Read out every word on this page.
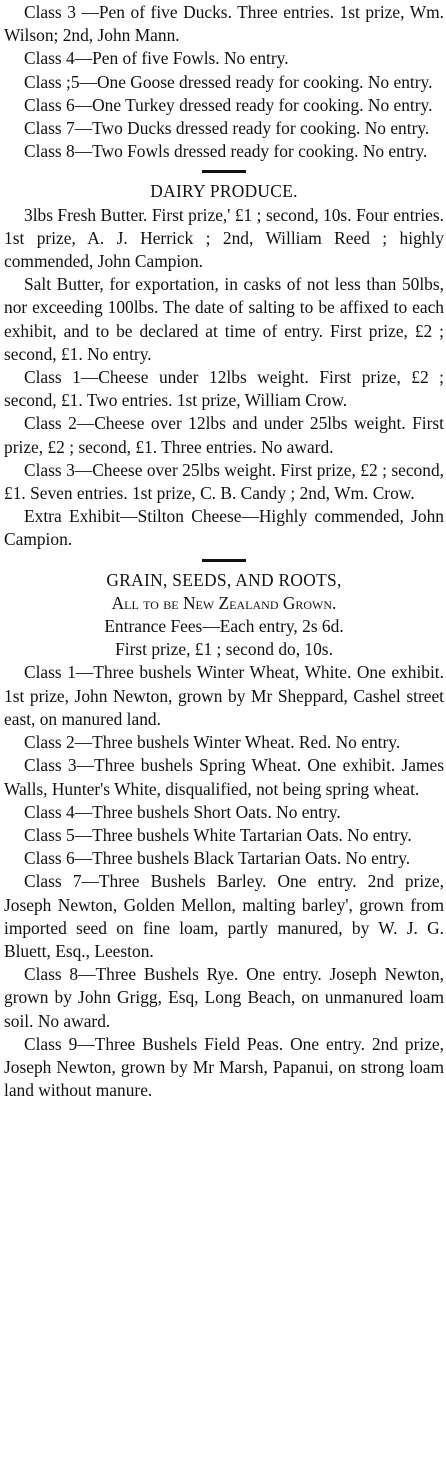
Class 3 —Pen of five Ducks. Three entries. 1st prize, Wm. Wilson; 2nd, John Mann.

Class 4—Pen of five Fowls. No entry.

Class ;5—One Goose dressed ready for cooking. No entry.

Class 6—One Turkey dressed ready for cooking. No entry.

Class 7—Two Ducks dressed ready for cooking. No entry.

Class 8—Two Fowls dressed ready for cooking. No entry.

DAIRY PRODUCE.

3lbs Fresh Butter. First prize,' £1 ; second, 10s. Four entries. 1st prize, A. J. Herrick ; 2nd, William Reed ; highly commended, John Campion.

Salt Butter, for exportation, in casks of not less than 50lbs, nor exceeding 100lbs. The date of salting to be affixed to each exhibit, and to be declared at time of entry. First prize, £2 ; second, £1. No entry.

Class 1—Cheese under 12lbs weight. First prize, £2 ; second, £1. Two entries. 1st prize, William Crow.

Class 2—Cheese over 12lbs and under 25lbs weight. First prize, £2 ; second, £1. Three entries. No award.

Class 3—Cheese over 25lbs weight. First prize, £2 ; second, £1. Seven entries. 1st prize, C. B. Candy ; 2nd, Wm. Crow.

Extra Exhibit—Stilton Cheese—Highly commended, John Campion.

GRAIN, SEEDS, AND ROOTS,

All to be New Zealand Grown.

Entrance Fees—Each entry, 2s 6d.

First prize, £1 ; second do, 10s.

Class 1—Three bushels Winter Wheat, White. One exhibit. 1st prize, John Newton, grown by Mr Sheppard, Cashel street east, on manured land.

Class 2—Three bushels Winter Wheat. Red. No entry.

Class 3—Three bushels Spring Wheat. One exhibit. James Walls, Hunter's White, disqualified, not being spring wheat.

Class 4—Three bushels Short Oats. No entry.

Class 5—Three bushels White Tartarian Oats. No entry.

Class 6—Three bushels Black Tartarian Oats. No entry.

Class 7—Three Bushels Barley. One entry. 2nd prize, Joseph Newton, Golden Mellon, malting barley', grown from imported seed on fine loam, partly manured, by W. J. G. Bluett, Esq., Leeston.

Class 8—Three Bushels Rye. One entry. Joseph Newton, grown by John Grigg, Esq, Long Beach, on unmanured loam soil. No award.

Class 9—Three Bushels Field Peas. One entry. 2nd prize, Joseph Newton, grown by Mr Marsh, Papanui, on strong loam land without manure.
